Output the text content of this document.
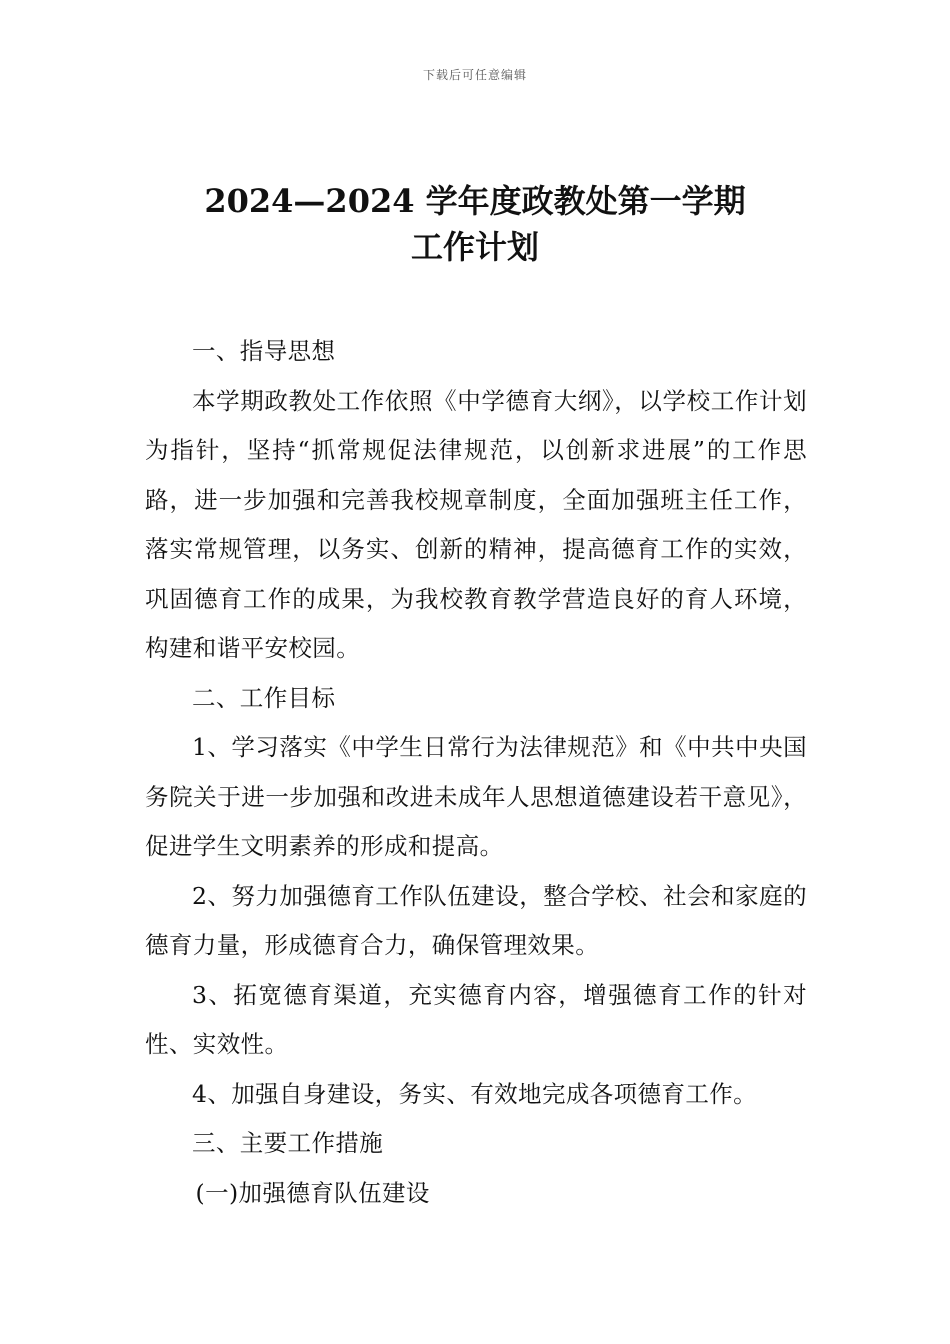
下载后可任意编辑
2024—2024 学年度政教处第一学期
工作计划

一、指导思想

本学期政教处工作依照《中学德育大纲》，以学校工作计划为指针，坚持“抓常规促法律规范，以创新求进展”的工作思路，进一步加强和完善我校规章制度，全面加强班主任工作，落实常规管理，以务实、创新的精神，提高德育工作的实效，巩固德育工作的成果，为我校教育教学营造良好的育人环境，构建和谐平安校园。

二、工作目标

1、学习落实《中学生日常行为法律规范》和《中共中央国务院关于进一步加强和改进未成年人思想道德建设若干意见》，促进学生文明素养的形成和提高。

2、努力加强德育工作队伍建设，整合学校、社会和家庭的德育力量，形成德育合力，确保管理效果。

3、拓宽德育渠道，充实德育内容，增强德育工作的针对性、实效性。

4、加强自身建设，务实、有效地完成各项德育工作。

三、主要工作措施

(一)加强德育队伍建设
